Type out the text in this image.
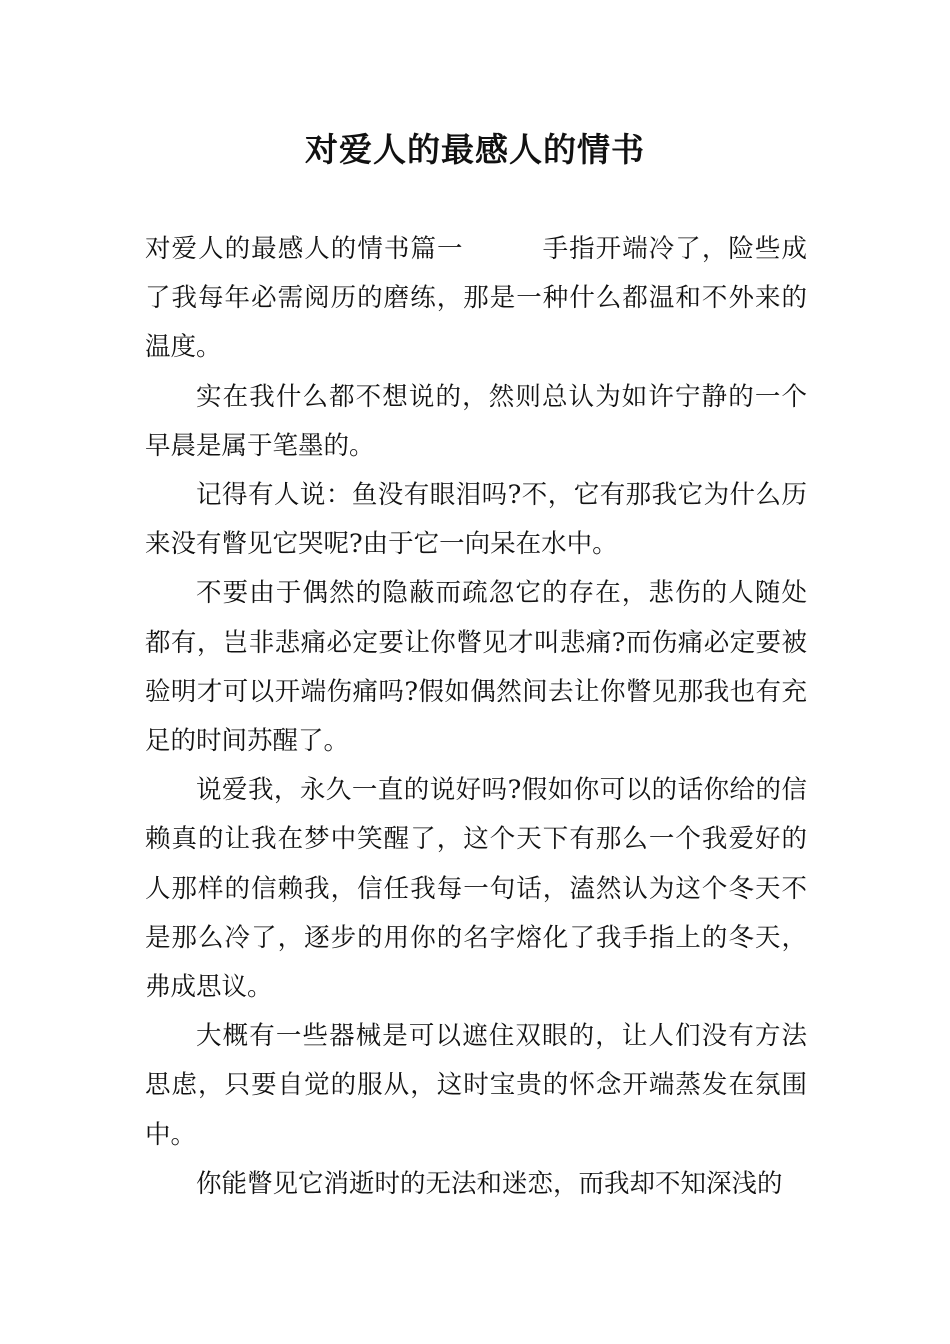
对爱人的最感人的情书

对爱人的最感人的情书篇一	手指开端冷了，险些成了我每年必需阅历的磨练，那是一种什么都温和不外来的温度。

实在我什么都不想说的，然则总认为如许宁静的一个早晨是属于笔墨的。

记得有人说：鱼没有眼泪吗?不，它有那我它为什么历来没有瞥见它哭呢?由于它一向呆在水中。

不要由于偶然的隐蔽而疏忽它的存在，悲伤的人随处都有，岂非悲痛必定要让你瞥见才叫悲痛?而伤痛必定要被验明才可以开端伤痛吗?假如偶然间去让你瞥见那我也有充足的时间苏醒了。

说爱我，永久一直的说好吗?假如你可以的话你给的信赖真的让我在梦中笑醒了，这个天下有那么一个我爱好的人那样的信赖我，信任我每一句话，溘然认为这个冬天不是那么冷了，逐步的用你的名字熔化了我手指上的冬天，弗成思议。

大概有一些器械是可以遮住双眼的，让人们没有方法思虑，只要自觉的服从，这时宝贵的怀念开端蒸发在氛围中。

你能瞥见它消逝时的无法和迷恋，而我却不知深浅的
